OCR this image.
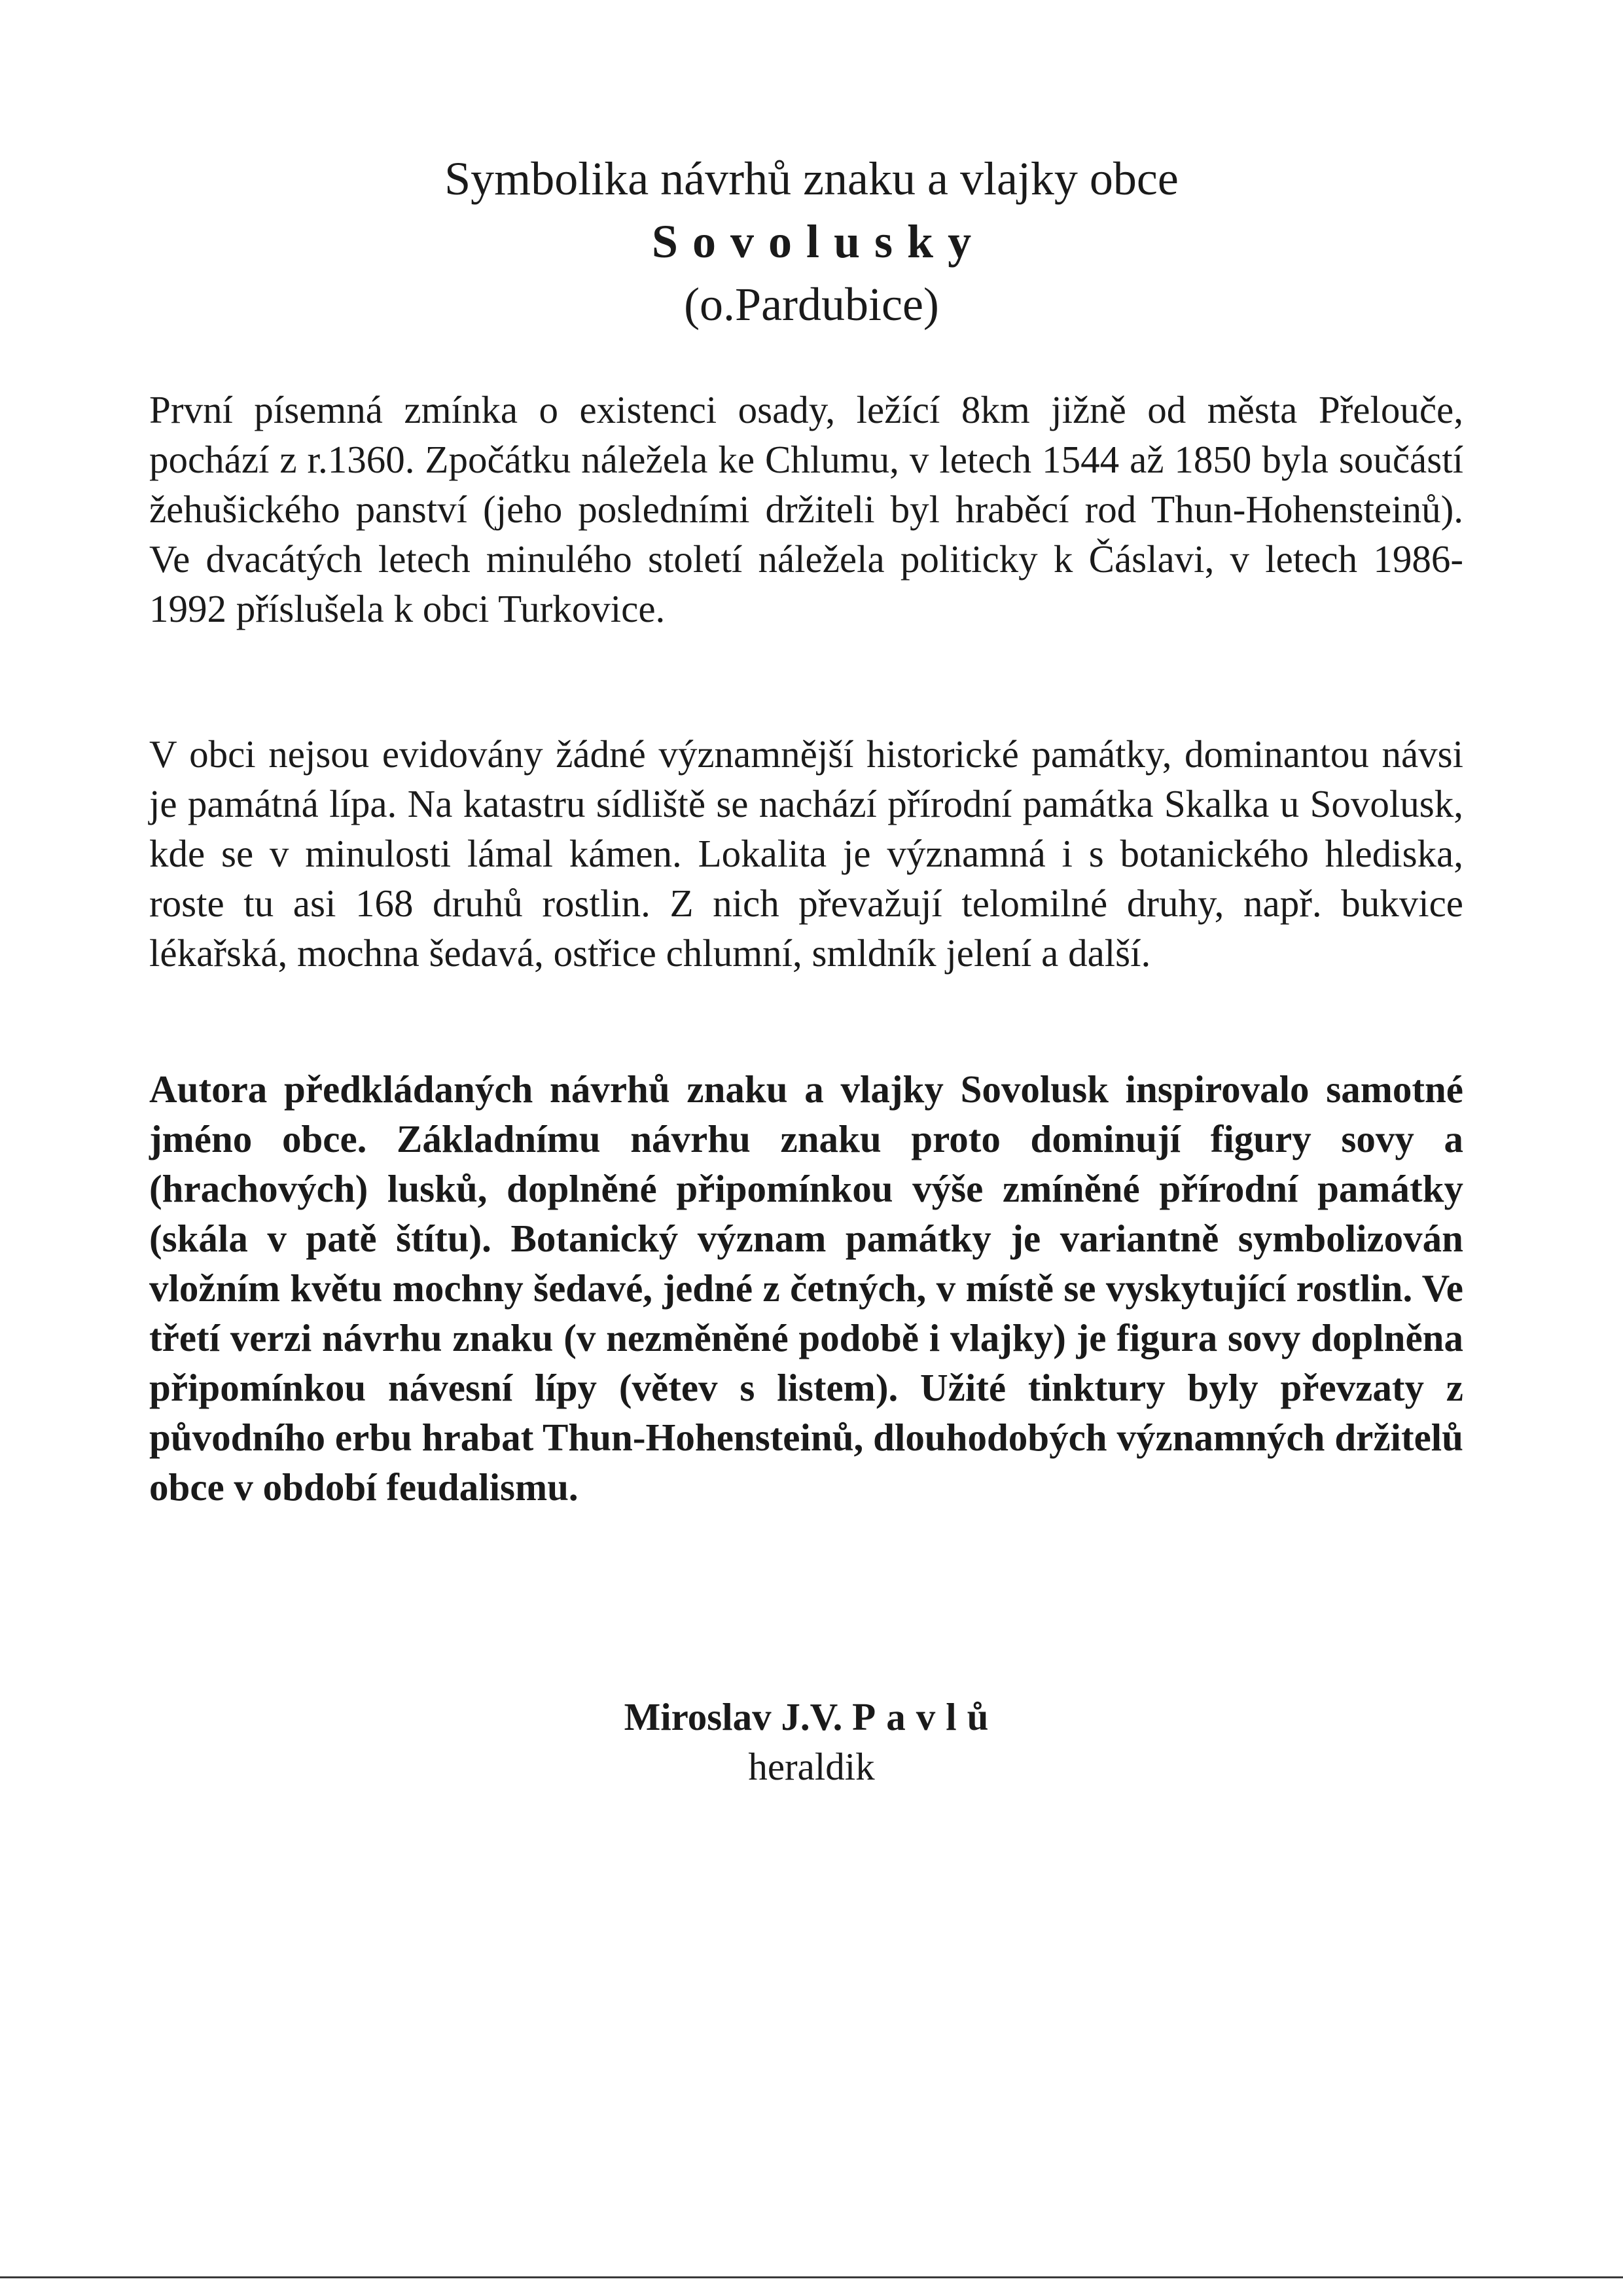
Symbolika návrhů znaku a vlajky obce

Sovolusky

(o.Pardubice)

První písemná zmínka o existenci osady, ležící 8km jižně od města Přelouče, pochází z r.1360. Zpočátku náležela ke Chlumu, v letech 1544 až 1850 byla součástí žehušického panství (jeho posledními držiteli byl hraběcí rod Thun-Hohensteinů). Ve dvacátých letech minulého století náležela politicky k Čáslavi, v letech 1986-1992 příslušela k obci Turkovice.

V obci nejsou evidovány žádné významnější historické památky, dominantou návsi je památná lípa. Na katastru sídliště se nachází přírodní památka Skalka u Sovolusk, kde se v minulosti lámal kámen. Lokalita je významná i s botanického hlediska, roste tu asi 168 druhů rostlin. Z nich převažují telomilné druhy, např. bukvice lékařská, mochna šedavá, ostřice chlumní, smldník jelení a další.

Autora předkládaných návrhů znaku a vlajky Sovolusk inspirovalo samotné jméno obce. Základnímu návrhu znaku proto dominují figury sovy a (hrachových) lusků, doplněné připomínkou výše zmíněné přírodní památky (skála v patě štítu). Botanický význam památky je variantně symbolizován vložním květu mochny šedavé, jedné z četných, v místě se vyskytující rostlin. Ve třetí verzi návrhu znaku (v nezměněné podobě i vlajky) je figura sovy doplněna připomínkou návesní lípy (větev s listem). Užité tinktury byly převzaty z původního erbu hrabat Thun-Hohensteinů, dlouhodobých významných držitelů obce v období feudalismu.

Miroslav J.V. Pavlů

heraldik
